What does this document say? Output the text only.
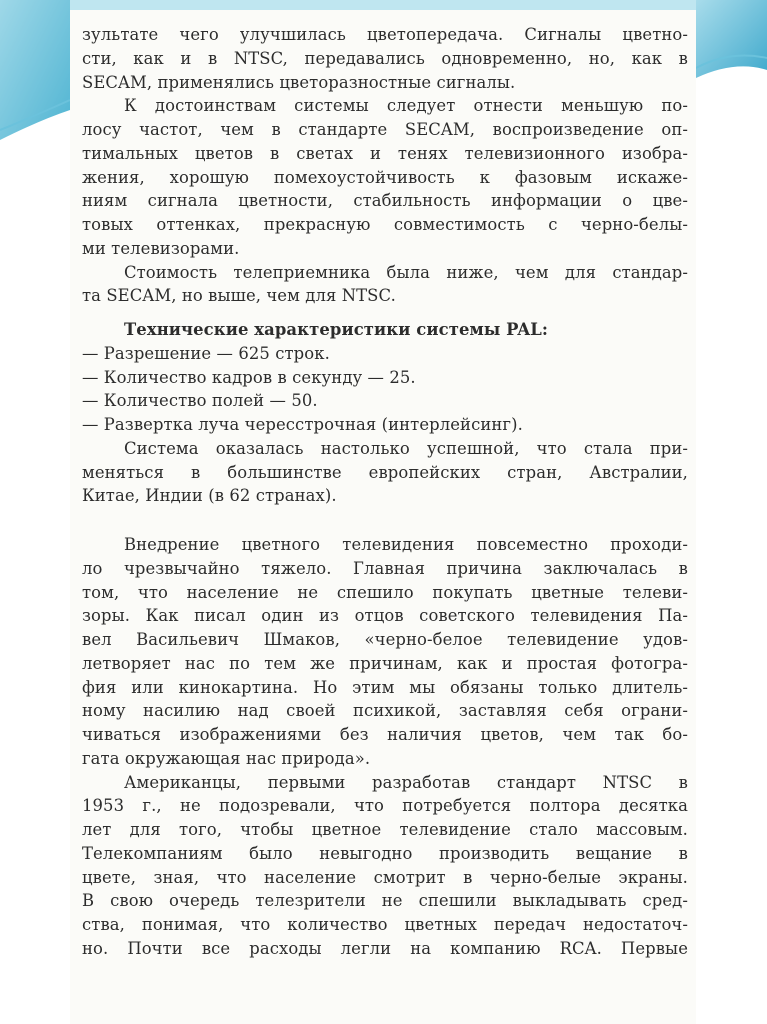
зультате чего улучшилась цветопередача. Сигналы цветно-
сти, как и в NTSC, передавались одновременно, но, как в
SECAM, применялись цветоразностные сигналы.
К достоинствам системы следует отнести меньшую по-
лосу частот, чем в стандарте SECAM, воспроизведение оп-
тимальных цветов в светах и тенях телевизионного изобра-
жения, хорошую помехоустойчивость к фазовым искаже-
ниям сигнала цветности, стабильность информации о цве-
товых оттенках, прекрасную совместимость с черно-белы-
ми телевизорами.
Стоимость телеприемника была ниже, чем для стандар-
та SECAM, но выше, чем для NTSC.
Технические характеристики системы PAL:
— Разрешение — 625 строк.
— Количество кадров в секунду — 25.
— Количество полей — 50.
— Развертка луча чересстрочная (интерлейсинг).
Система оказалась настолько успешной, что стала при-
меняться в большинстве европейских стран, Австралии,
Китае, Индии (в 62 странах).
Внедрение цветного телевидения повсеместно проходи-
ло чрезвычайно тяжело. Главная причина заключалась в
том, что население не спешило покупать цветные телеви-
зоры. Как писал один из отцов советского телевидения Па-
вел Васильевич Шмаков, «черно-белое телевидение удов-
летворяет нас по тем же причинам, как и простая фотогра-
фия или кинокартина. Но этим мы обязаны только длитель-
ному насилию над своей психикой, заставляя себя ограни-
чиваться изображениями без наличия цветов, чем так бо-
гата окружающая нас природа».
Американцы, первыми разработав стандарт NTSC в
1953 г., не подозревали, что потребуется полтора десятка
лет для того, чтобы цветное телевидение стало массовым.
Телекомпаниям было невыгодно производить вещание в
цвете, зная, что население смотрит в черно-белые экраны.
В свою очередь телезрители не спешили выкладывать сред-
ства, понимая, что количество цветных передач недостаточ-
но. Почти все расходы легли на компанию RCA. Первые
